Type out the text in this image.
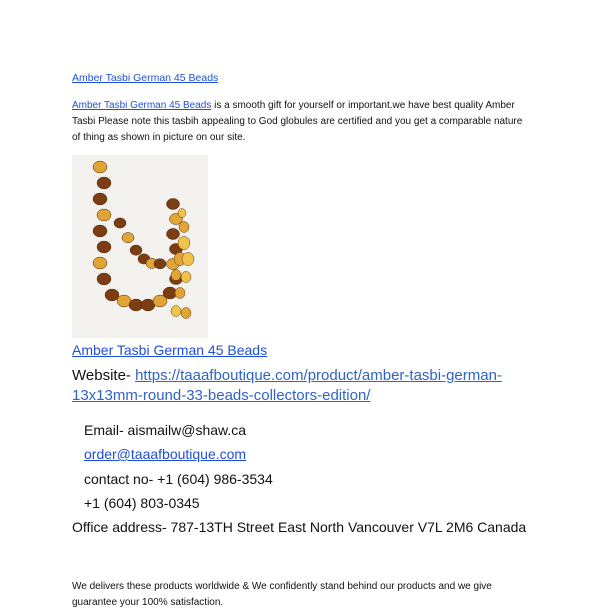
Amber Tasbi German 45 Beads
Amber Tasbi German 45 Beads is a smooth gift for yourself or important.we have best quality Amber Tasbi Please note this tasbih appealing to God globules are certified and you get a comparable nature of thing as shown in picture on our site.
Amber Tasbi German 45 Beads
Website- https://taaafboutique.com/product/amber-tasbi-german-13x13mm-round-33-beads-collectors-edition/
Email- aismailw@shaw.ca
order@taaafboutique.com
contact no- +1 (604) 986-3534
+1 (604) 803-0345
Office address- 787-13TH Street East North Vancouver V7L 2M6 Canada
We delivers these products worldwide & We confidently stand behind our products and we give guarantee your 100% satisfaction.
